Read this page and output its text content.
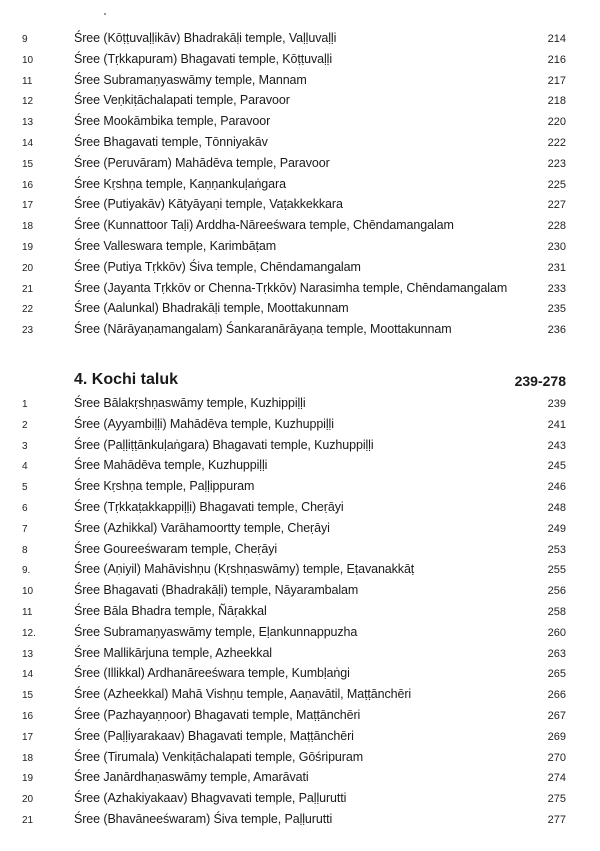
9	Śree (Kōṭṭuvaḷḷikāv) Bhadrakāḷi temple, Vaḷḷuvaḷḷi	214
10	Śree (Tṛkkapuram) Bhagavati temple, Kōṭṭuvaḷḷi	216
11	Śree Subramaṇyaswāmy temple, Mannam	217
12	Śree Veṇkiṭāchalapati temple, Paravoor	218
13	Śree Mookāmbika temple, Paravoor	220
14	Śree Bhagavati temple, Tōnniyakāv	222
15	Śree (Peruvāram) Mahādēva temple, Paravoor	223
16	Śree Kṛshṇa temple, Kaṇṇankuḷaṅgara	225
17	Śree (Putiyakāv) Kātyāyaṇi temple, Vaṭakkekkara	227
18	Śree (Kunnattoor Taḷi) Arddha-Nāreeśwara temple, Chēndamangalam	228
19	Śree Valleswara temple, Karimbāṭam	230
20	Śree (Putiya Tṛkkōv) Śiva temple, Chēndamangalam	231
21	Śree (Jayanta Tṛkkōv or Chenna-Tṛkkōv) Narasimha temple, Chēndamangalam	233
22	Śree (Aalunkal) Bhadrakāḷi temple, Moottakunnam	235
23	Śree (Nārāyaṇamangalam) Śankaranārāyaṇa temple, Moottakunnam	236
4. Kochi taluk	239-278
1	Śree Bālakṛshṇaswāmy temple, Kuzhippiḷḷi	239
2	Śree (Ayyambiḷḷi) Mahādēva temple, Kuzhuppiḷḷi	241
3	Śree (Paḷḷiṭṭānkuḷaṅgara) Bhagavati temple, Kuzhuppiḷḷi	243
4	Śree Mahādēva temple, Kuzhuppiḷḷi	245
5	Śree Kṛshṇa temple, Paḷḷippuram	246
6	Śree (Tṛkkaṭakkappiḷḷi) Bhagavati temple, Cheṛāyi	248
7	Śree (Azhikkal) Varāhamoortty temple, Cheṛāyi	249
8	Śree Goureeśwaram temple, Cheṛāyi	253
9.	Śree (Aṇiyil) Mahāvishṇu (Kṛshṇaswāmy) temple, Eṭavanakkāṭ	255
10	Śree Bhagavati (Bhadrakāḷi) temple, Nāyarambalam	256
11	Śree Bāla Bhadra temple, Ñāṛakkal	258
12.	Śree Subramaṇyaswāmy temple, Eḷankunnappuzha	260
13	Śree Mallikārjuna temple, Azheekkal	263
14	Śree (Illikkal) Ardhanāreeśwara temple, Kumbḷaṅgi	265
15	Śree (Azheekkal) Mahā Vishṇu temple, Aaṇavātil, Maṭṭānchēri	266
16	Śree (Pazhayaṇṇoor) Bhagavati temple, Maṭṭānchēri	267
17	Śree (Paḷḷiyarakaav) Bhagavati temple, Maṭṭānchēri	269
18	Śree (Tirumala) Venkiṭāchalapati temple, Gōśripuram	270
19	Śree Janārdhaṇaswāmy temple, Amarāvati	274
20	Śree (Azhakiyakaav) Bhagvavati temple, Paḷḷurutti	275
21	Śree (Bhavāneeśwaram) Śiva temple, Paḷḷurutti	277
